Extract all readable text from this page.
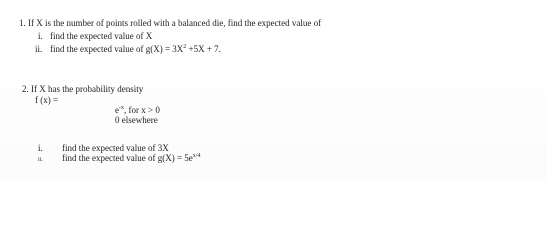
1. If X is the number of points rolled with a balanced die, find the expected value of
i. find the expected value of X
ii. find the expected value of $g(X) = 3X^2 +5X + 7$.
2. If X has the probability density
f (x) =
$e^{-x}$, for x > 0
0 elsewhere
i. find the expected value of 3X
ii. find the expected value of $g(X) = 5e^{x/4}$
